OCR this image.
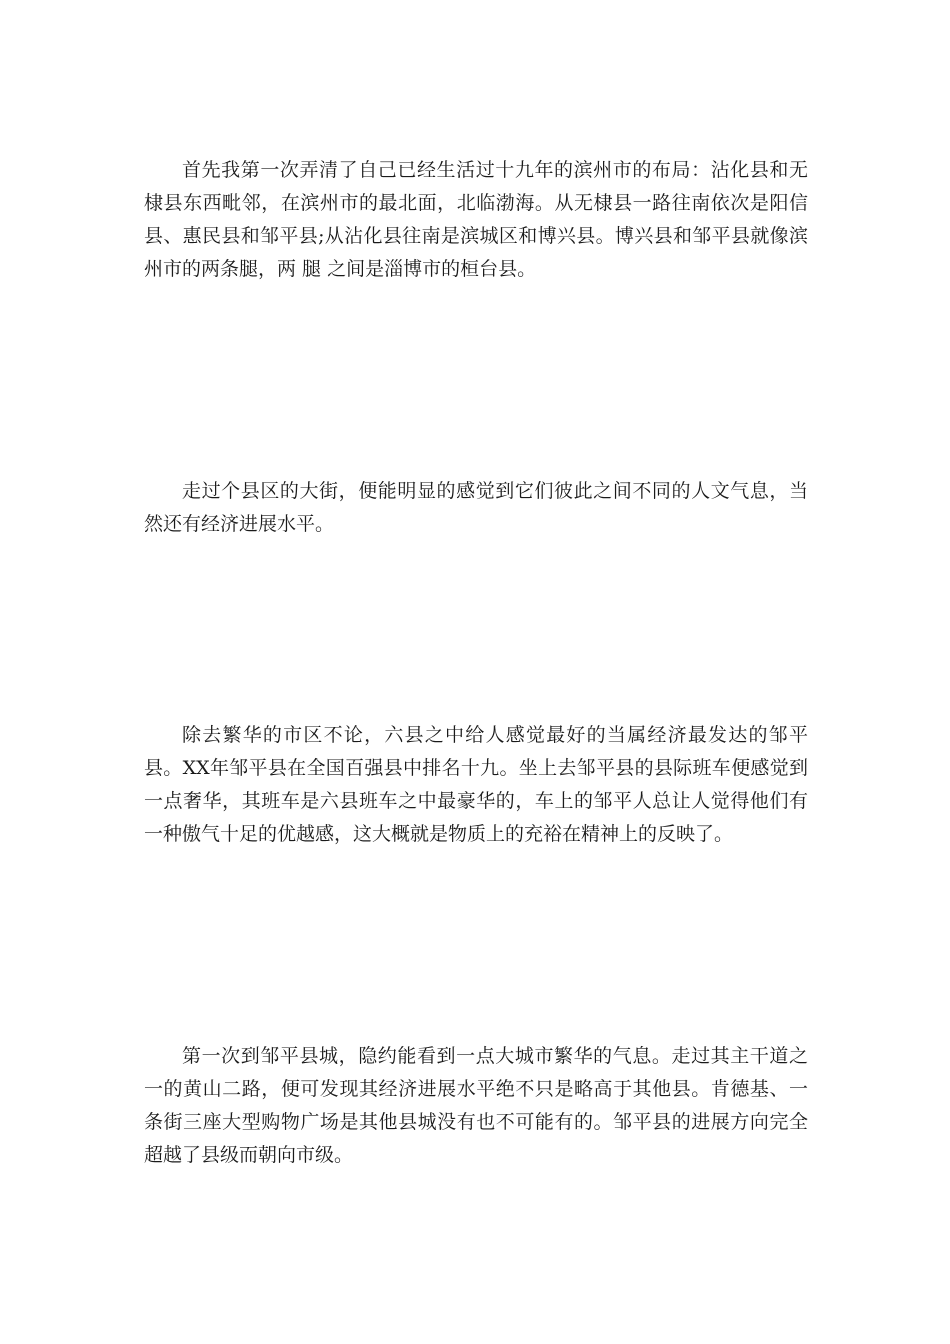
首先我第一次弄清了自己已经生活过十九年的滨州市的布局：沾化县和无棣县东西毗邻，在滨州市的最北面，北临渤海。从无棣县一路往南依次是阳信县、惠民县和邹平县;从沾化县往南是滨城区和博兴县。博兴县和邹平县就像滨州市的两条腿，两 腿 之间是淄博市的桓台县。

走过个县区的大街，便能明显的感觉到它们彼此之间不同的人文气息，当然还有经济进展水平。

除去繁华的市区不论，六县之中给人感觉最好的当属经济最发达的邹平县。XX年邹平县在全国百强县中排名十九。坐上去邹平县的县际班车便感觉到一点奢华，其班车是六县班车之中最豪华的，车上的邹平人总让人觉得他们有一种傲气十足的优越感，这大概就是物质上的充裕在精神上的反映了。

第一次到邹平县城，隐约能看到一点大城市繁华的气息。走过其主干道之一的黄山二路，便可发现其经济进展水平绝不只是略高于其他县。肯德基、一条街三座大型购物广场是其他县城没有也不可能有的。邹平县的进展方向完全超越了县级而朝向市级。
